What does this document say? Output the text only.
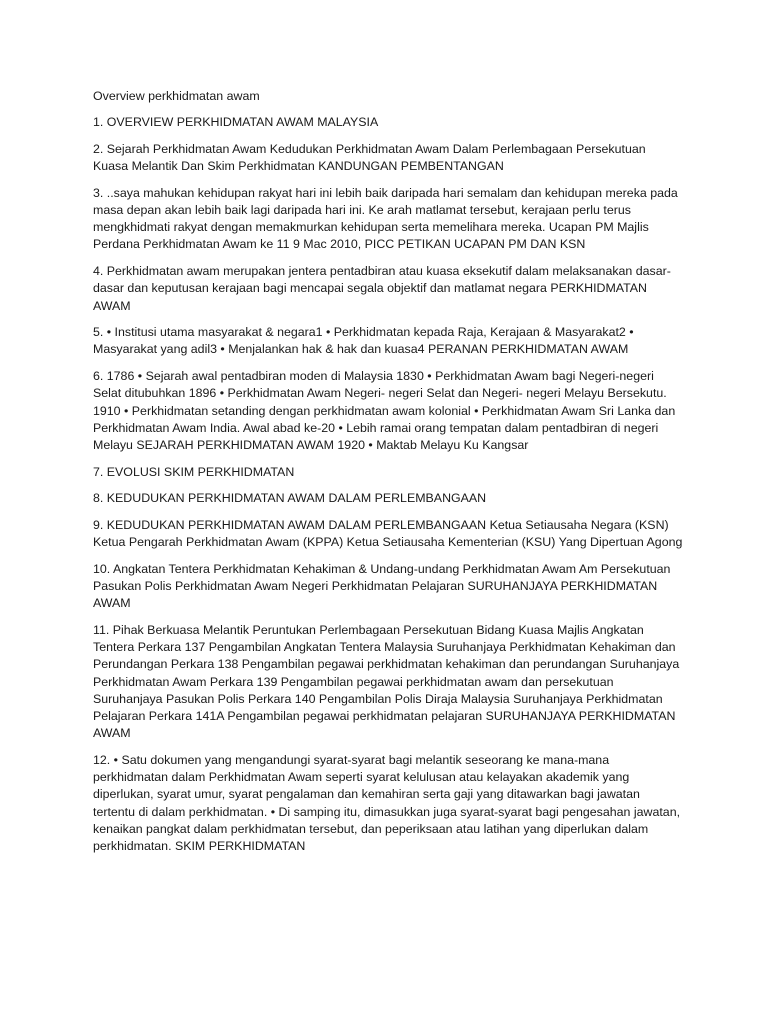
Overview perkhidmatan awam

1. OVERVIEW PERKHIDMATAN AWAM MALAYSIA

2. Sejarah Perkhidmatan Awam Kedudukan Perkhidmatan Awam Dalam Perlembagaan Persekutuan Kuasa Melantik Dan Skim Perkhidmatan KANDUNGAN PEMBENTANGAN

3. ..saya mahukan kehidupan rakyat hari ini lebih baik daripada hari semalam dan kehidupan mereka pada masa depan akan lebih baik lagi daripada hari ini. Ke arah matlamat tersebut, kerajaan perlu terus mengkhidmati rakyat dengan memakmurkan kehidupan serta memelihara mereka. Ucapan PM Majlis Perdana Perkhidmatan Awam ke 11 9 Mac 2010, PICC PETIKAN UCAPAN PM DAN KSN

4. Perkhidmatan awam merupakan jentera pentadbiran atau kuasa eksekutif dalam melaksanakan dasar-dasar dan keputusan kerajaan bagi mencapai segala objektif dan matlamat negara PERKHIDMATAN AWAM

5. • Institusi utama masyarakat & negara1 • Perkhidmatan kepada Raja, Kerajaan & Masyarakat2 • Masyarakat yang adil3 • Menjalankan hak & hak dan kuasa4 PERANAN PERKHIDMATAN AWAM

6. 1786 • Sejarah awal pentadbiran moden di Malaysia 1830 • Perkhidmatan Awam bagi Negeri-negeri Selat ditubuhkan 1896 • Perkhidmatan Awam Negeri- negeri Selat dan Negeri- negeri Melayu Bersekutu. 1910 • Perkhidmatan setanding dengan perkhidmatan awam kolonial • Perkhidmatan Awam Sri Lanka dan Perkhidmatan Awam India. Awal abad ke-20 • Lebih ramai orang tempatan dalam pentadbiran di negeri Melayu SEJARAH PERKHIDMATAN AWAM 1920 • Maktab Melayu Ku Kangsar

7. EVOLUSI SKIM PERKHIDMATAN

8. KEDUDUKAN PERKHIDMATAN AWAM DALAM PERLEMBANGAAN

9. KEDUDUKAN PERKHIDMATAN AWAM DALAM PERLEMBANGAAN Ketua Setiausaha Negara (KSN) Ketua Pengarah Perkhidmatan Awam (KPPA) Ketua Setiausaha Kementerian (KSU) Yang Dipertuan Agong

10. Angkatan Tentera Perkhidmatan Kehakiman & Undang-undang Perkhidmatan Awam Am Persekutuan Pasukan Polis Perkhidmatan Awam Negeri Perkhidmatan Pelajaran SURUHANJAYA PERKHIDMATAN AWAM

11. Pihak Berkuasa Melantik Peruntukan Perlembagaan Persekutuan Bidang Kuasa Majlis Angkatan Tentera Perkara 137 Pengambilan Angkatan Tentera Malaysia Suruhanjaya Perkhidmatan Kehakiman dan Perundangan Perkara 138 Pengambilan pegawai perkhidmatan kehakiman dan perundangan Suruhanjaya Perkhidmatan Awam Perkara 139 Pengambilan pegawai perkhidmatan awam dan persekutuan Suruhanjaya Pasukan Polis Perkara 140 Pengambilan Polis Diraja Malaysia Suruhanjaya Perkhidmatan Pelajaran Perkara 141A Pengambilan pegawai perkhidmatan pelajaran SURUHANJAYA PERKHIDMATAN AWAM

12. • Satu dokumen yang mengandungi syarat-syarat bagi melantik seseorang ke mana-mana perkhidmatan dalam Perkhidmatan Awam seperti syarat kelulusan atau kelayakan akademik yang diperlukan, syarat umur, syarat pengalaman dan kemahiran serta gaji yang ditawarkan bagi jawatan tertentu di dalam perkhidmatan. • Di samping itu, dimasukkan juga syarat-syarat bagi pengesahan jawatan, kenaikan pangkat dalam perkhidmatan tersebut, dan peperiksaan atau latihan yang diperlukan dalam perkhidmatan. SKIM PERKHIDMATAN
